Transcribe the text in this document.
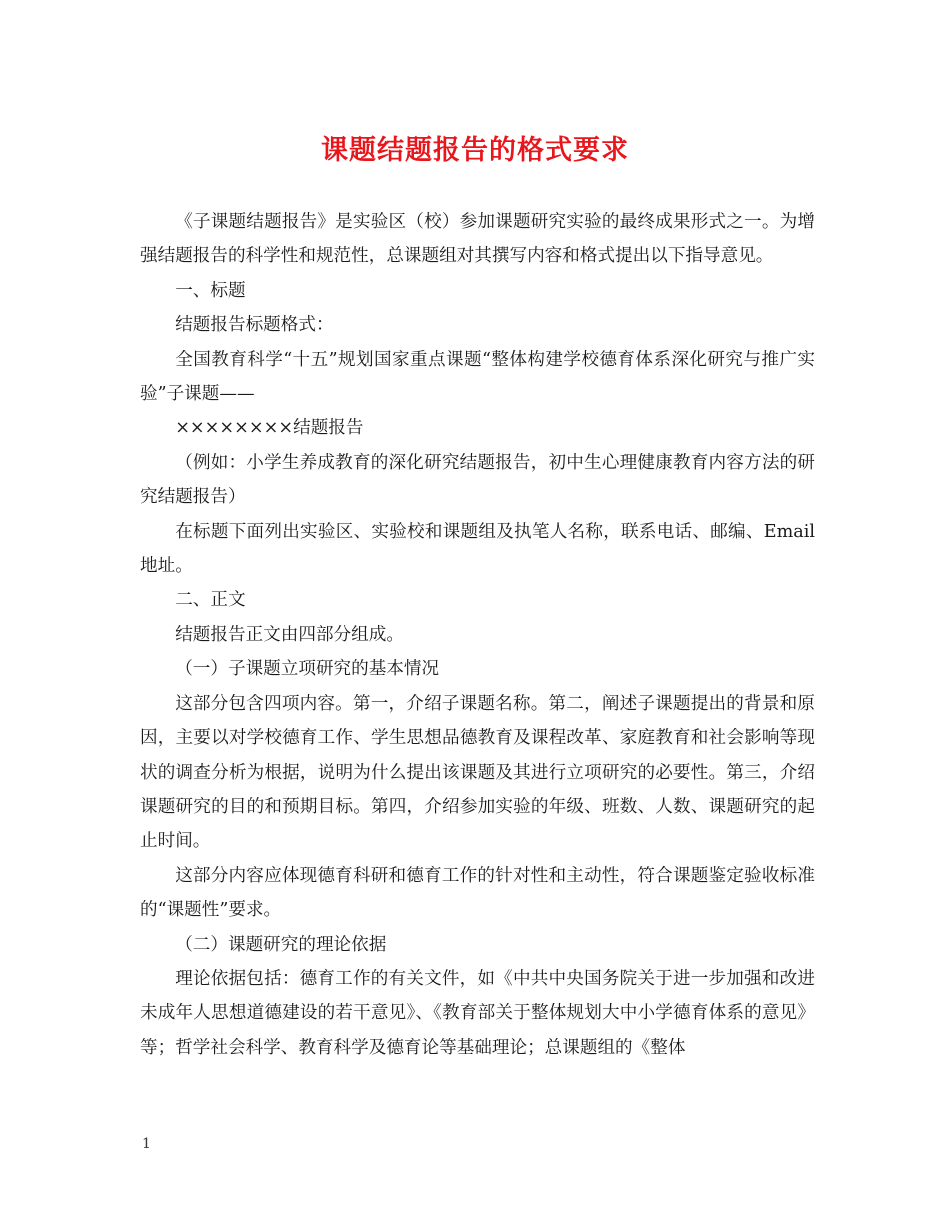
课题结题报告的格式要求

《子课题结题报告》是实验区（校）参加课题研究实验的最终成果形式之一。为增强结题报告的科学性和规范性，总课题组对其撰写内容和格式提出以下指导意见。

一、标题

结题报告标题格式：

全国教育科学“十五”规划国家重点课题“整体构建学校德育体系深化研究与推广实验”子课题——

××××××××结题报告

（例如：小学生养成教育的深化研究结题报告，初中生心理健康教育内容方法的研究结题报告）

在标题下面列出实验区、实验校和课题组及执笔人名称，联系电话、邮编、Email地址。

二、正文

结题报告正文由四部分组成。

（一）子课题立项研究的基本情况

这部分包含四项内容。第一，介绍子课题名称。第二，阐述子课题提出的背景和原因，主要以对学校德育工作、学生思想品德教育及课程改革、家庭教育和社会影响等现状的调查分析为根据，说明为什么提出该课题及其进行立项研究的必要性。第三，介绍课题研究的目的和预期目标。第四，介绍参加实验的年级、班数、人数、课题研究的起止时间。

这部分内容应体现德育科研和德育工作的针对性和主动性，符合课题鉴定验收标准的“课题性”要求。

（二）课题研究的理论依据

理论依据包括：德育工作的有关文件，如《中共中央国务院关于进一步加强和改进未成年人思想道德建设的若干意见》、《教育部关于整体规划大中小学德育体系的意见》等；哲学社会科学、教育科学及德育论等基础理论；总课题组的《整体

1
